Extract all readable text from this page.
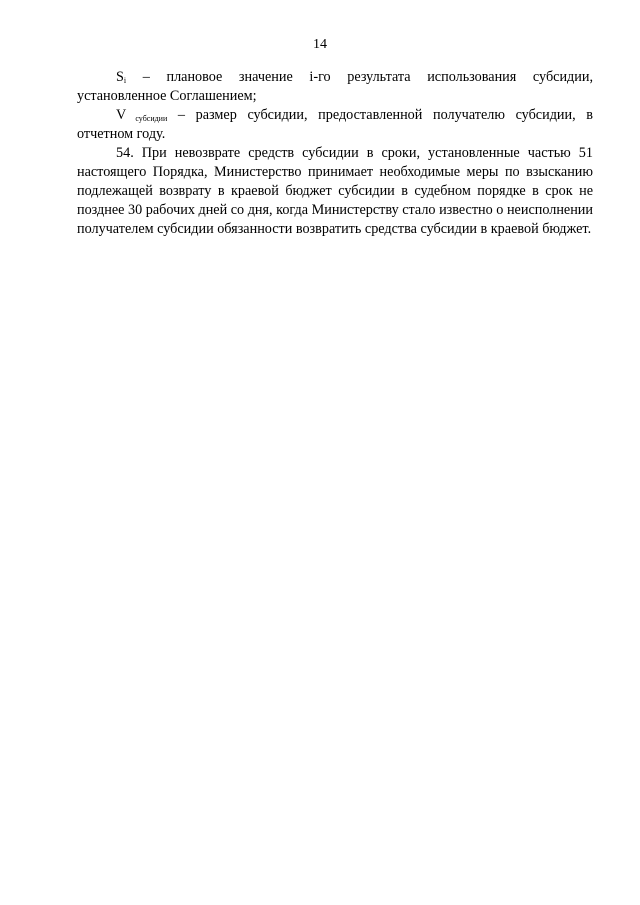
14

$S_i$ – плановое значение i-го результата использования субсидии, установленное Соглашением;

V $_{субсидии}$ – размер субсидии, предоставленной получателю субсидии, в отчетном году.

54. При невозврате средств субсидии в сроки, установленные частью 51 настоящего Порядка, Министерство принимает необходимые меры по взысканию подлежащей возврату в краевой бюджет субсидии в судебном порядке в срок не позднее 30 рабочих дней со дня, когда Министерству стало известно о неисполнении получателем субсидии обязанности возвратить средства субсидии в краевой бюджет.
